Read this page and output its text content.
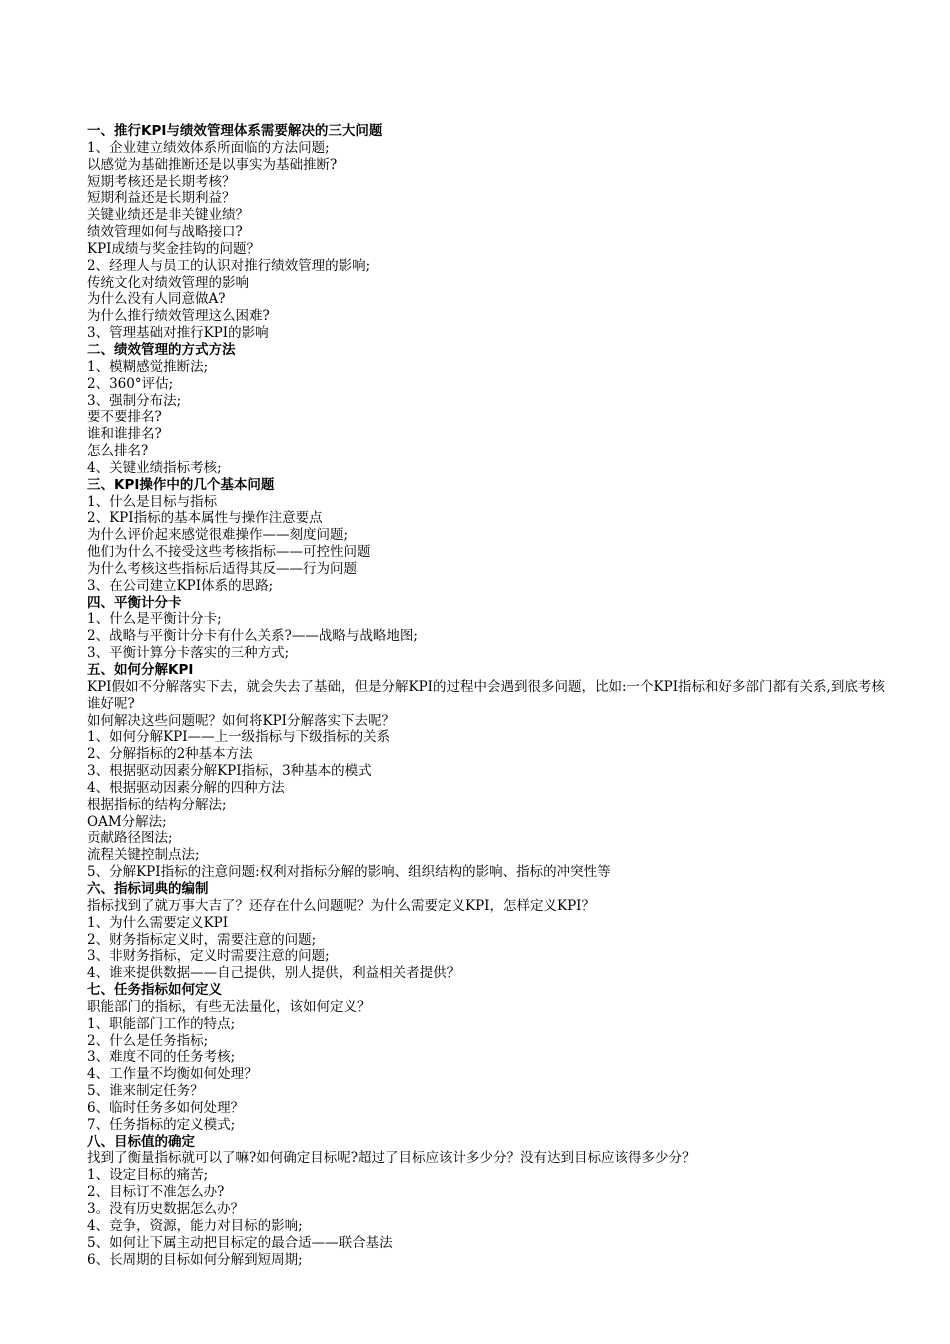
一、推行KPI与绩效管理体系需要解决的三大问题
1、企业建立绩效体系所面临的方法问题;
以感觉为基础推断还是以事实为基础推断?
短期考核还是长期考核？
短期利益还是长期利益？
关键业绩还是非关键业绩？
绩效管理如何与战略接口?
KPI成绩与奖金挂钩的问题？
2、经理人与员工的认识对推行绩效管理的影响;
传统文化对绩效管理的影响
为什么没有人同意做A?
为什么推行绩效管理这么困难?
3、管理基础对推行KPI的影响
二、绩效管理的方式方法
1、模糊感觉推断法;
2、360°评估;
3、强制分布法;
要不要排名?
谁和谁排名?
怎么排名?
4、关键业绩指标考核;
三、KPI操作中的几个基本问题
1、什么是目标与指标
2、KPI指标的基本属性与操作注意要点
为什么评价起来感觉很难操作——刻度问题;
他们为什么不接受这些考核指标——可控性问题
为什么考核这些指标后适得其反——行为问题
3、在公司建立KPI体系的思路;
四、平衡计分卡
1、什么是平衡计分卡;
2、战略与平衡计分卡有什么关系?——战略与战略地图;
3、平衡计算分卡落实的三种方式;
五、如何分解KPI
KPI假如不分解落实下去，就会失去了基础，但是分解KPI的过程中会遇到很多问题，比如:一个KPI指标和好多部门都有关系,到底考核谁好呢?
如何解决这些问题呢？如何将KPI分解落实下去呢？
1、如何分解KPI——上一级指标与下级指标的关系
2、分解指标的2种基本方法
3、根据驱动因素分解KPI指标，3种基本的模式
4、根据驱动因素分解的四种方法
根据指标的结构分解法;
OAM分解法;
贡献路径图法;
流程关键控制点法;
5、分解KPI指标的注意问题:权利对指标分解的影响、组织结构的影响、指标的冲突性等
六、指标词典的编制
指标找到了就万事大吉了？还存在什么问题呢？为什么需要定义KPI，怎样定义KPI？
1、为什么需要定义KPI
2、财务指标定义时，需要注意的问题;
3、非财务指标，定义时需要注意的问题;
4、谁来提供数据——自己提供，别人提供，利益相关者提供？
七、任务指标如何定义
职能部门的指标，有些无法量化，该如何定义？
1、职能部门工作的特点;
2、什么是任务指标;
3、难度不同的任务考核;
4、工作量不均衡如何处理？
5、谁来制定任务？
6、临时任务多如何处理？
7、任务指标的定义模式;
八、目标值的确定
找到了衡量指标就可以了嘛?如何确定目标呢?超过了目标应该计多少分？没有达到目标应该得多少分？
1、设定目标的痛苦;
2、目标订不准怎么办?
3。没有历史数据怎么办？
4、竞争，资源，能力对目标的影响;
5、如何让下属主动把目标定的最合适——联合基法
6、长周期的目标如何分解到短周期;
